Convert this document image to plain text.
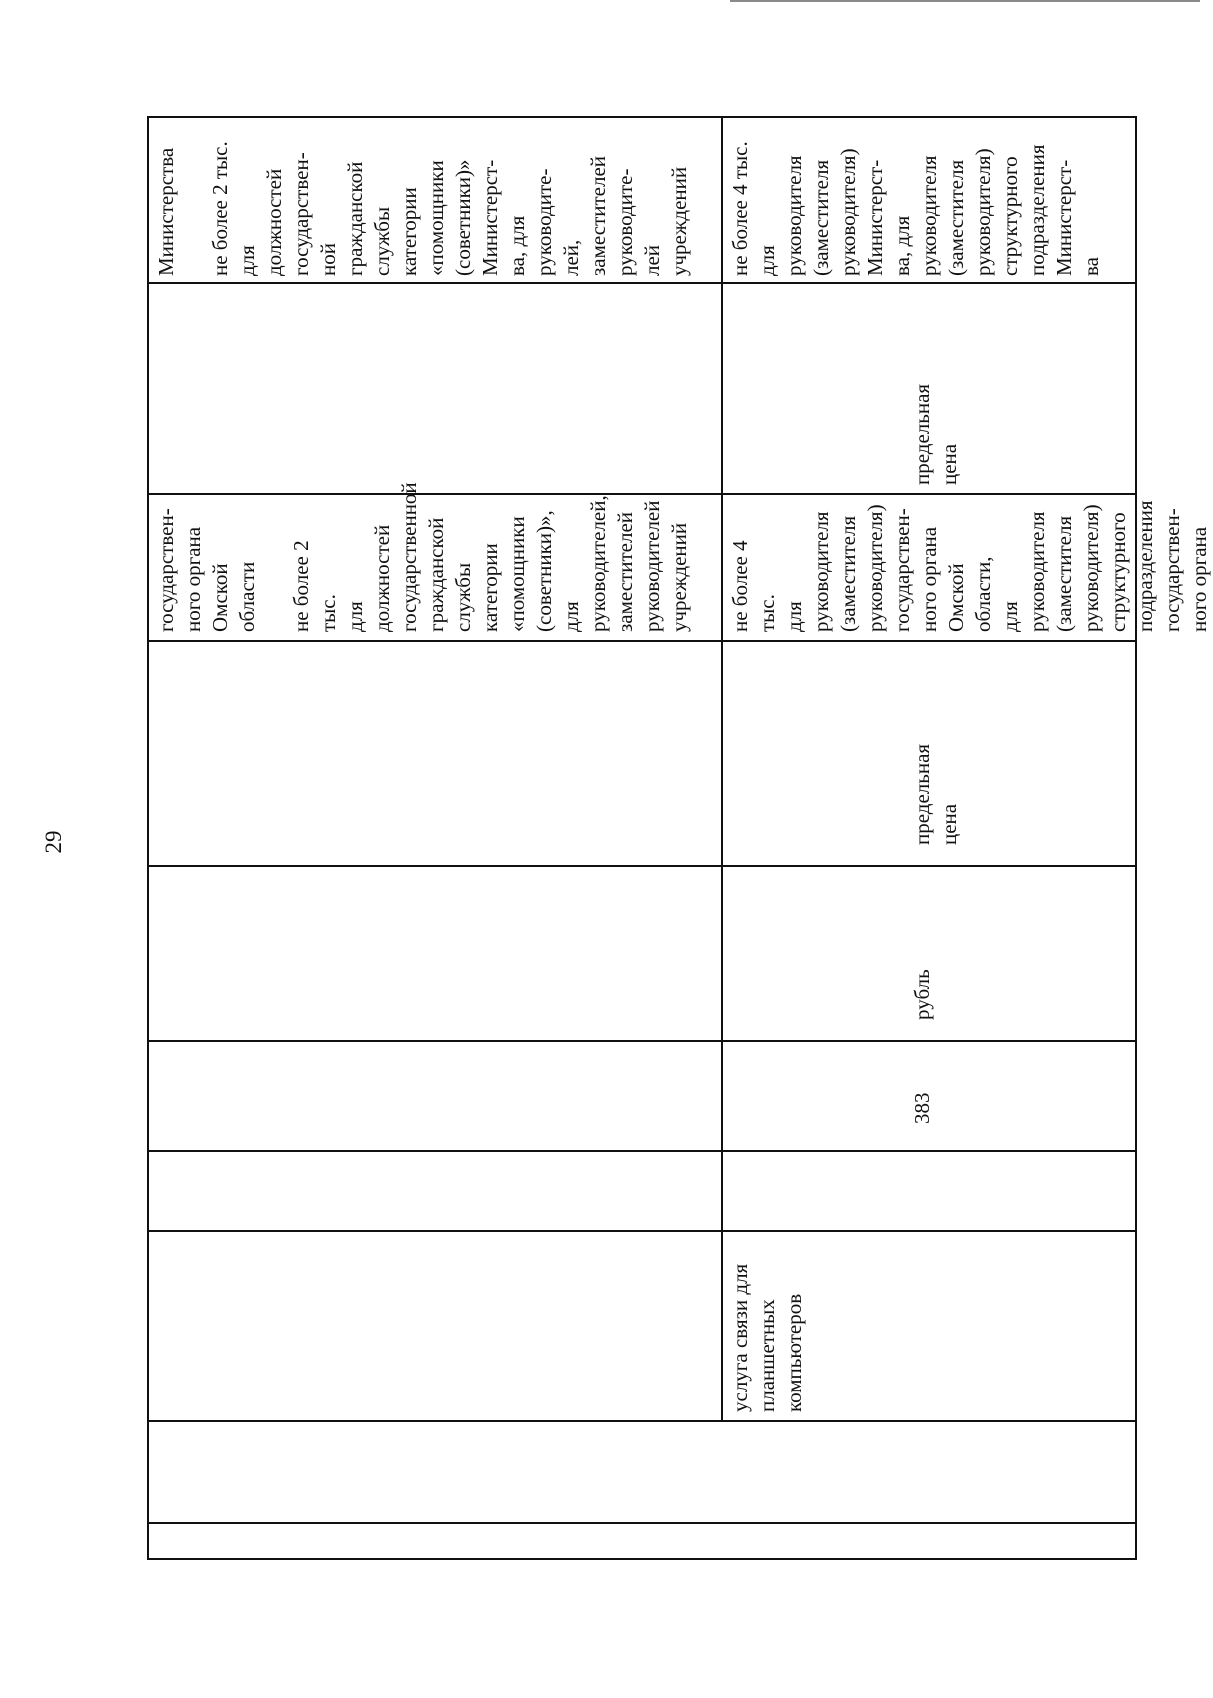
29
государствен-
ного органа
Омской области

не более 2 тыс.
для должностей
государственной
гражданской
службы
категории
«помощники
(советники)», для
руководителей,
заместителей
руководителей
учреждений
Министерства

не более 2 тыс.
для
должностей
государствен-
ной
гражданской
службы
категории
«помощники
(советники)»
Министерст-
ва, для
руководите-
лей,
заместителей
руководите-
лей
учреждений
услуга связи для
планшетных
компьютеров
383
рубль
предельная
цена
не более 4 тыс.
для руководителя
(заместителя
руководителя)
государствен-
ного органа
Омской области,
для руководителя
(заместителя
руководителя)
структурного
подразделения
государствен-
ного органа
предельная
цена
не более 4 тыс.
для
руководителя
(заместителя
руководителя)
Министерст-
ва, для
руководителя
(заместителя
руководителя)
структурного
подразделения
Министерст-
ва
